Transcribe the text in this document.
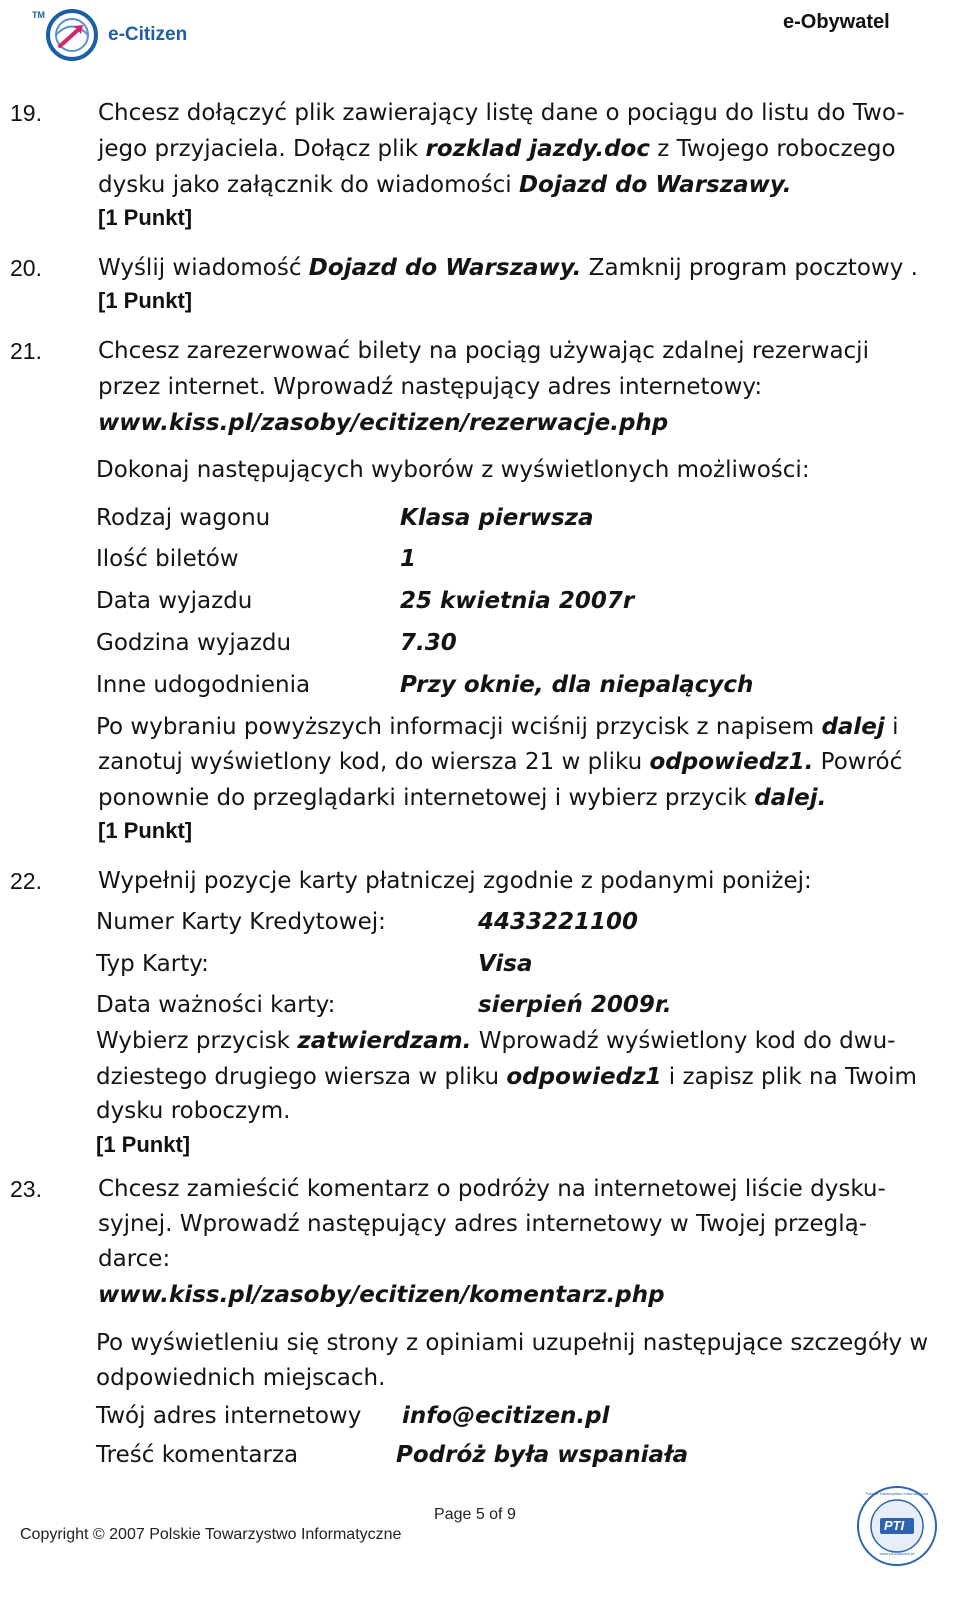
TM
e-Citizen
e-Obywatel
19. Chcesz dołączyć plik zawierający listę dane o pociągu do listu do Two-
jego przyjaciela. Dołącz plik rozklad jazdy.doc z Twojego roboczego
dysku jako załącznik do wiadomości Dojazd do Warszawy.
[1 Punkt]
20. Wyślij wiadomość Dojazd do Warszawy. Zamknij program pocztowy .
[1 Punkt]
21. Chcesz zarezerwować bilety na pociąg używając zdalnej rezerwacji
przez internet. Wprowadź następujący adres internetowy:
www.kiss.pl/zasoby/ecitizen/rezerwacje.php
Dokonaj następujących wyborów z wyświetlonych możliwości:
Rodzaj wagonu	Klasa pierwsza
Ilość biletów	1
Data wyjazdu	25 kwietnia 2007r
Godzina wyjazdu	7.30
Inne udogodnienia	Przy oknie, dla niepalących
Po wybraniu powyższych informacji wciśnij przycisk z napisem dalej i
zanotuj wyświetlony kod, do wiersza 21 w pliku odpowiedz1. Powróć
ponownie do przeglądarki internetowej i wybierz przycik dalej.
[1 Punkt]
22. Wypełnij pozycje karty płatniczej zgodnie z podanymi poniżej:
Numer Karty Kredytowej:	4433221100
Typ Karty:	Visa
Data ważności karty:	sierpień 2009r.
Wybierz przycisk zatwierdzam. Wprowadź wyświetlony kod do dwu-
dziestego drugiego wiersza w pliku odpowiedz1 i zapisz plik na Twoim
dysku roboczym.
[1 Punkt]
23. Chcesz zamieścić komentarz o podróży na internetowej liście dysku-
syjnej. Wprowadź następujący adres internetowy w Twojej przeglą-
darce:
www.kiss.pl/zasoby/ecitizen/komentarz.php
Po wyświetleniu się strony z opiniami uzupełnij następujące szczegóły w
odpowiednich miejscach.
Twój adres internetowy info@ecitizen.pl
Treść komentarza	Podróż była wspaniała
Page 5 of 9
Copyright © 2007 Polskie Towarzystwo Informatyczne
PTI
Polskie Towarzystwo Informatyczne
www.pti.katowice.pl
